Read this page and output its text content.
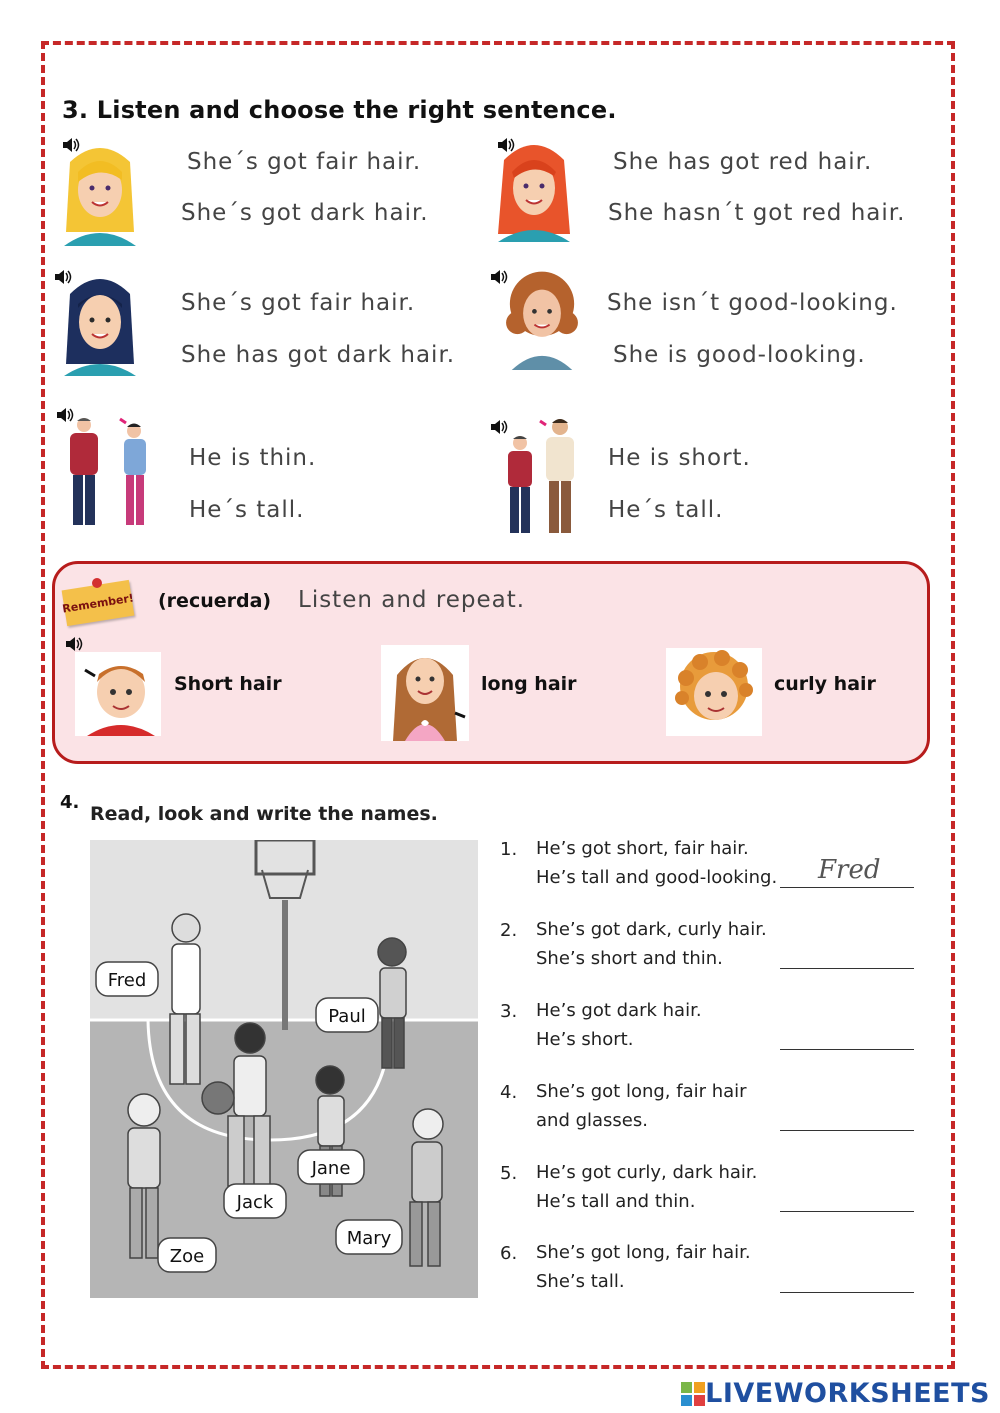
3. Listen and choose the right sentence.
She´s got fair hair.
She´s got dark hair.
She has got red hair.
She hasn´t got red hair.
She´s got fair hair.
She has got dark hair.
She isn´t good-looking.
She is good-looking.
He is thin.
He´s tall.
He is short.
He´s tall.
Remember! (recuerda) Listen and repeat.
Short hair	long hair	curly hair
4.
Read, look and write the names.
Fred
Paul
Jane
Jack
Mary
Zoe
1. He’s got short, fair hair.
He’s tall and good-looking. Fred
2. She’s got dark, curly hair.
She’s short and thin.
3. He’s got dark hair.
He’s short.
4. She’s got long, fair hair
and glasses.
5. He’s got curly, dark hair.
He’s tall and thin.
6. She’s got long, fair hair.
She’s tall.
LIVEWORKSHEETS
